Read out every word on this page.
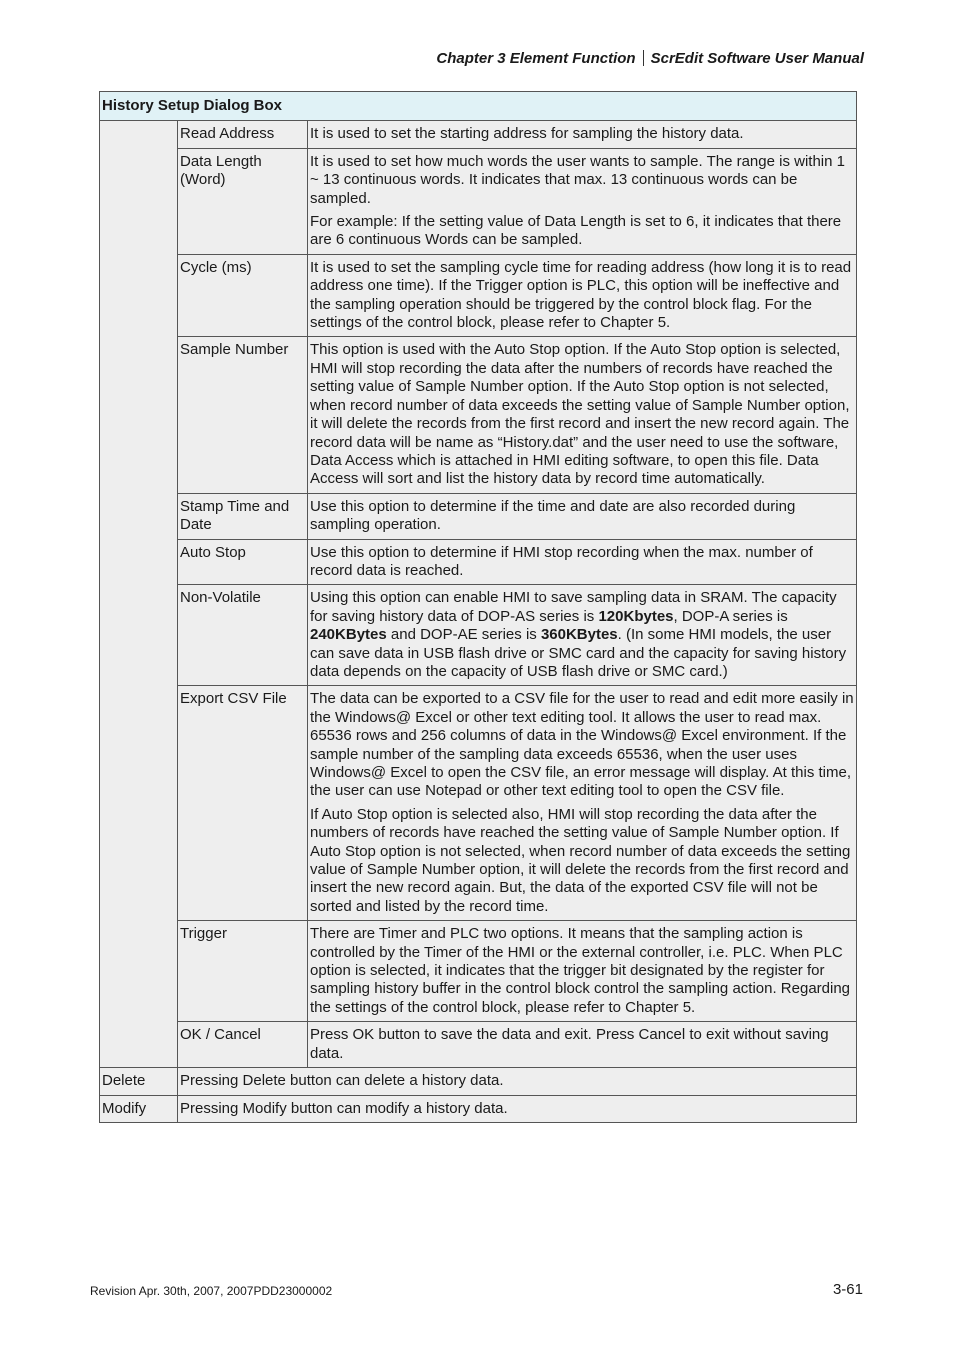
Chapter 3 Element Function ScrEdit Software User Manual
History Setup Dialog Box		
	Read Address	It is used to set the starting address for sampling the history data.

	Data Length (Word)	It is used to set how much words the user wants to sample. The range is within 1 ~ 13 continuous words. It indicates that max. 13 continuous words can be sampled.

For example: If the setting value of Data Length is set to 6, it indicates that there are 6 continuous Words can be sampled.

	Cycle (ms)	It is used to set the sampling cycle time for reading address (how long it is to read address one time). If the Trigger option is PLC, this option will be ineffective and the sampling operation should be triggered by the control block flag. For the settings of the control block, please refer to Chapter 5.

	Sample Number	This option is used with the Auto Stop option. If the Auto Stop option is selected, HMI will stop recording the data after the numbers of records have reached the setting value of Sample Number option. If the Auto Stop option is not selected, when record number of data exceeds the setting value of Sample Number option, it will delete the records from the first record and insert the new record again. The record data will be name as “History.dat” and the user need to use the software, Data Access which is attached in HMI editing software, to open this file. Data Access will sort and list the history data by record time automatically.

	Stamp Time and Date	Use this option to determine if the time and date are also recorded during sampling operation.

	Auto Stop	Use this option to determine if HMI stop recording when the max. number of record data is reached.

	Non-Volatile	Using this option can enable HMI to save sampling data in SRAM. The capacity for saving history data of DOP-AS series is 120Kbytes, DOP-A series is 240KBytes and DOP-AE series is 360KBytes. (In some HMI models, the user can save data in USB flash drive or SMC card and the capacity for saving history data depends on the capacity of USB flash drive or SMC card.)

	Export CSV File	The data can be exported to a CSV file for the user to read and edit more easily in the Windows@ Excel or other text editing tool. It allows the user to read max. 65536 rows and 256 columns of data in the Windows@ Excel environment. If the sample number of the sampling data exceeds 65536, when the user uses Windows@ Excel to open the CSV file, an error message will display. At this time, the user can use Notepad or other text editing tool to open the CSV file.

If Auto Stop option is selected also, HMI will stop recording the data after the numbers of records have reached the setting value of Sample Number option. If Auto Stop option is not selected, when record number of data exceeds the setting value of Sample Number option, it will delete the records from the first record and insert the new record again. But, the data of the exported CSV file will not be sorted and listed by the record time.

	Trigger	There are Timer and PLC two options. It means that the sampling action is controlled by the Timer of the HMI or the external controller, i.e. PLC. When PLC option is selected, it indicates that the trigger bit designated by the register for sampling history buffer in the control block control the sampling action. Regarding the settings of the control block, please refer to Chapter 5.

	OK / Cancel	Press OK button to save the data and exit. Press Cancel to exit without saving data.

Delete	Pressing Delete button can delete a history data.	
Modify	Pressing Modify button can modify a history data.	
Revision Apr. 30th, 2007, 2007PDD23000002	3-61
